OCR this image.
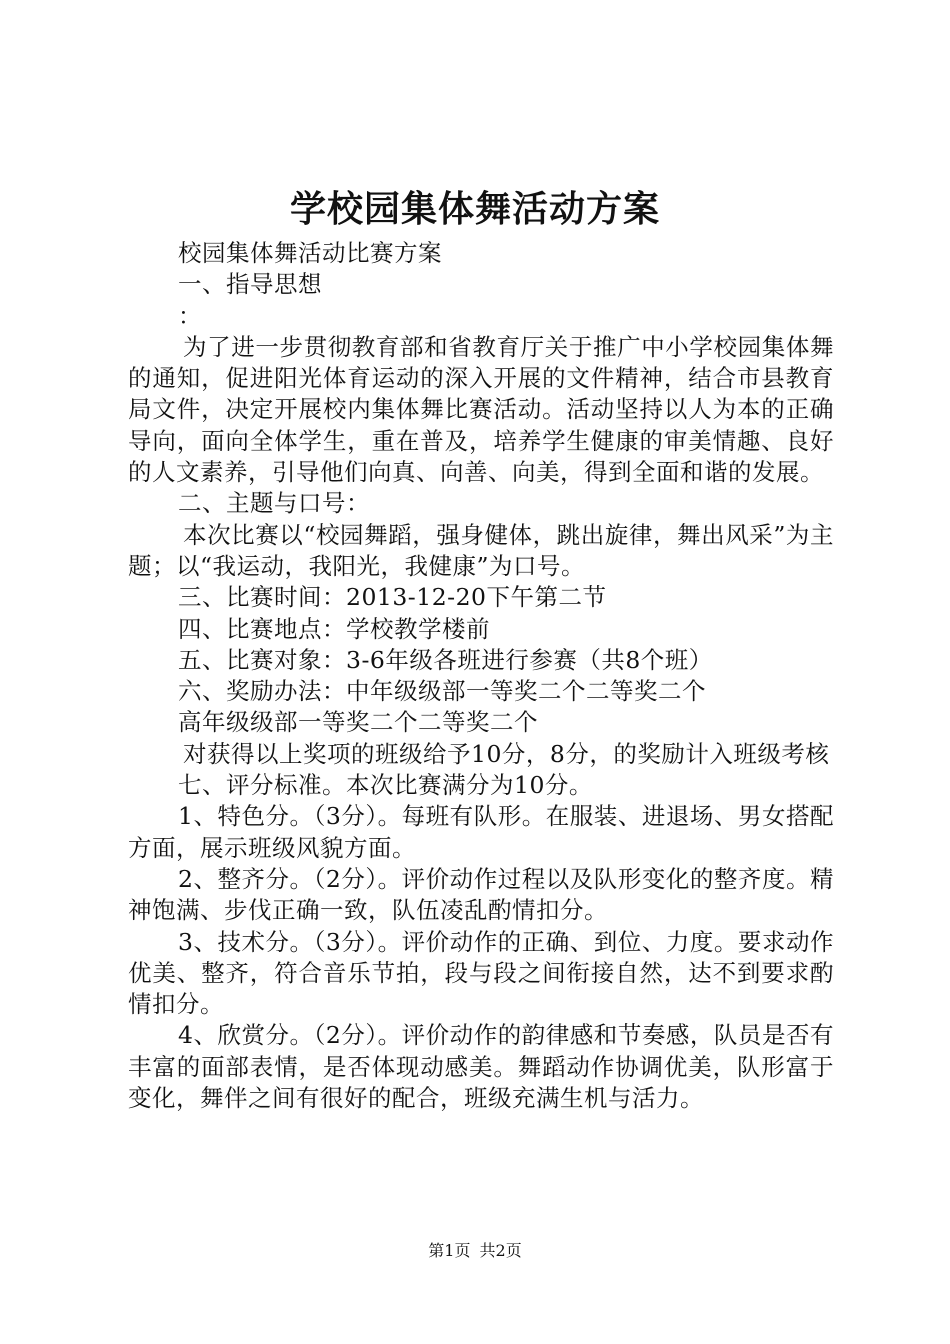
学校园集体舞活动方案

校园集体舞活动比赛方案

一、指导思想

：

为了进一步贯彻教育部和省教育厅关于推广中小学校园集体舞的通知，促进阳光体育运动的深入开展的文件精神，结合市县教育局文件，决定开展校内集体舞比赛活动。活动坚持以人为本的正确导向，面向全体学生，重在普及，培养学生健康的审美情趣、良好的人文素养，引导他们向真、向善、向美，得到全面和谐的发展。

二、主题与口号：

本次比赛以“校园舞蹈，强身健体，跳出旋律，舞出风采”为主题；以“我运动，我阳光，我健康”为口号。

三、比赛时间：2013-12-20下午第二节

四、比赛地点：学校教学楼前

五、比赛对象：3-6年级各班进行参赛（共8个班）

六、奖励办法：中年级级部一等奖二个二等奖二个

高年级级部一等奖二个二等奖二个

对获得以上奖项的班级给予10分，8分，的奖励计入班级考核

七、评分标准。本次比赛满分为10分。

1、特色分。（3分）。每班有队形。在服装、进退场、男女搭配方面，展示班级风貌方面。

2、整齐分。（2分）。评价动作过程以及队形变化的整齐度。精神饱满、步伐正确一致，队伍凌乱酌情扣分。

3、技术分。（3分）。评价动作的正确、到位、力度。要求动作优美、整齐，符合音乐节拍，段与段之间衔接自然，达不到要求酌情扣分。

4、欣赏分。（2分）。评价动作的韵律感和节奏感，队员是否有丰富的面部表情，是否体现动感美。舞蹈动作协调优美，队形富于变化，舞伴之间有很好的配合，班级充满生机与活力。

第1页 共2页
